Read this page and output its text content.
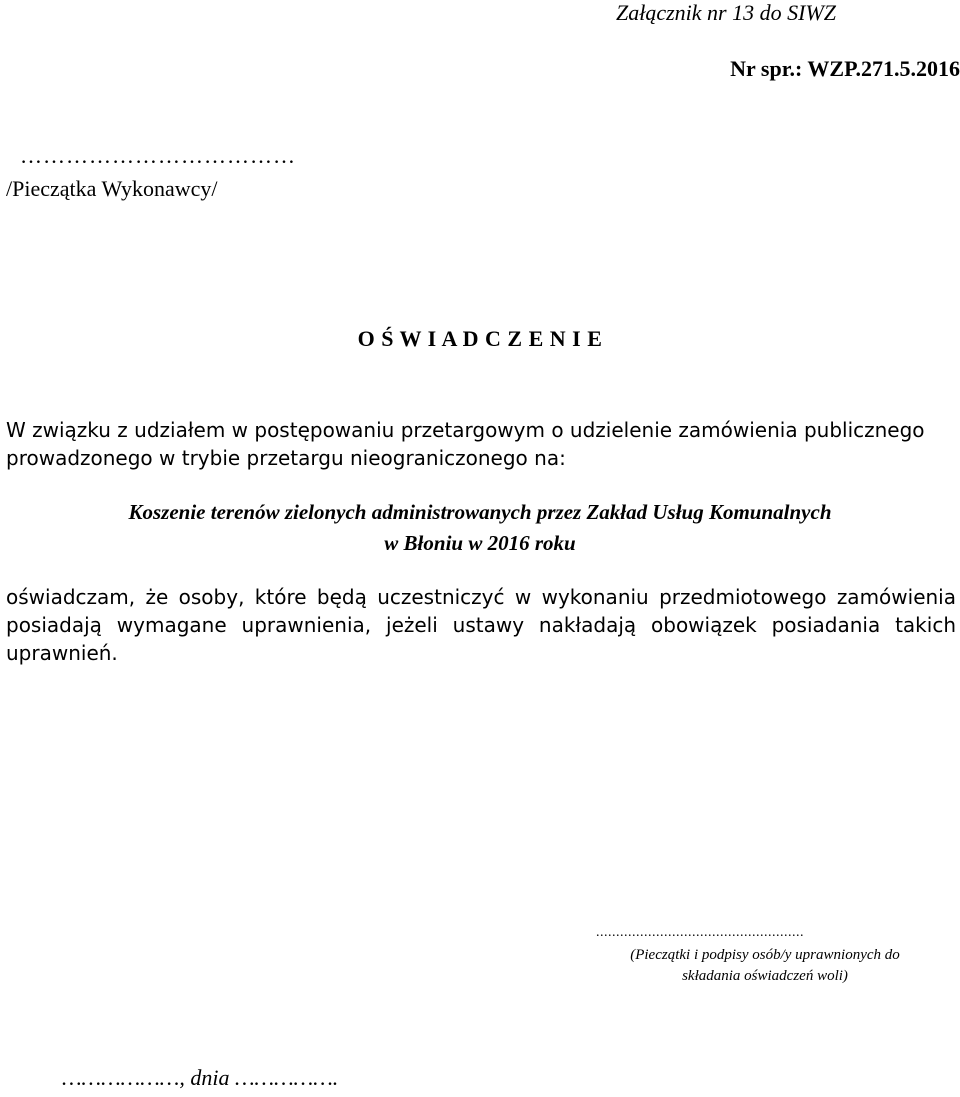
Załącznik nr 13 do SIWZ
Nr spr.: WZP.271.5.2016
………………………………
/Pieczątka Wykonawcy/
O Ś W I A D C Z E N I E
W związku z udziałem w postępowaniu przetargowym o udzielenie zamówienia publicznego prowadzonego w trybie przetargu nieograniczonego na:
Koszenie terenów zielonych administrowanych przez Zakład Usług Komunalnych
w Błoniu w 2016 roku
oświadczam, że osoby, które będą uczestniczyć w wykonaniu przedmiotowego zamówienia posiadają wymagane uprawnienia, jeżeli ustawy nakładają obowiązek posiadania takich uprawnień.
....................................................
(Pieczątki i podpisy osób/y uprawnionych do
składania oświadczeń woli)
………………, dnia …………….
